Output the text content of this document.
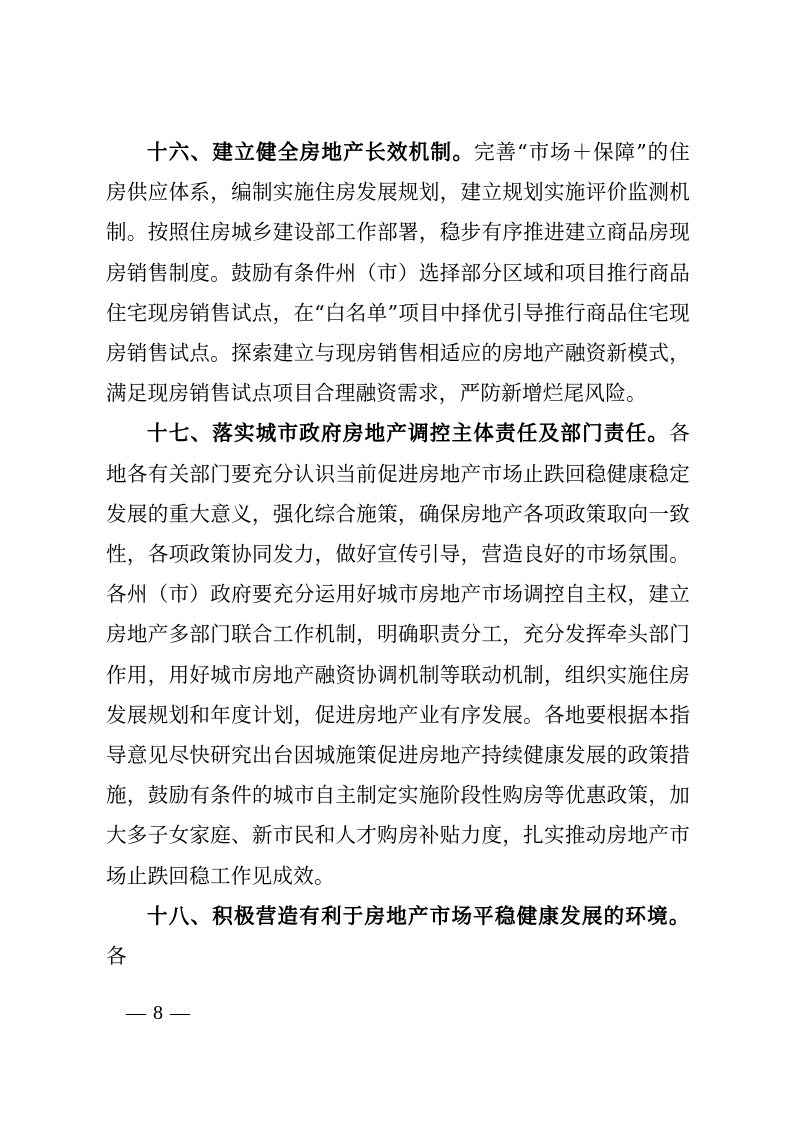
十六、建立健全房地产长效机制。完善“市场＋保障”的住房供应体系，编制实施住房发展规划，建立规划实施评价监测机制。按照住房城乡建设部工作部署，稳步有序推进建立商品房现房销售制度。鼓励有条件州（市）选择部分区域和项目推行商品住宅现房销售试点，在“白名单”项目中择优引导推行商品住宅现房销售试点。探索建立与现房销售相适应的房地产融资新模式，满足现房销售试点项目合理融资需求，严防新增烂尾风险。

十七、落实城市政府房地产调控主体责任及部门责任。各地各有关部门要充分认识当前促进房地产市场止跌回稳健康稳定发展的重大意义，强化综合施策，确保房地产各项政策取向一致性，各项政策协同发力，做好宣传引导，营造良好的市场氛围。各州（市）政府要充分运用好城市房地产市场调控自主权，建立房地产多部门联合工作机制，明确职责分工，充分发挥牵头部门作用，用好城市房地产融资协调机制等联动机制，组织实施住房发展规划和年度计划，促进房地产业有序发展。各地要根据本指导意见尽快研究出台因城施策促进房地产持续健康发展的政策措施，鼓励有条件的城市自主制定实施阶段性购房等优惠政策，加大多子女家庭、新市民和人才购房补贴力度，扎实推动房地产市场止跌回稳工作见成效。

十八、积极营造有利于房地产市场平稳健康发展的环境。各

— 8 —
